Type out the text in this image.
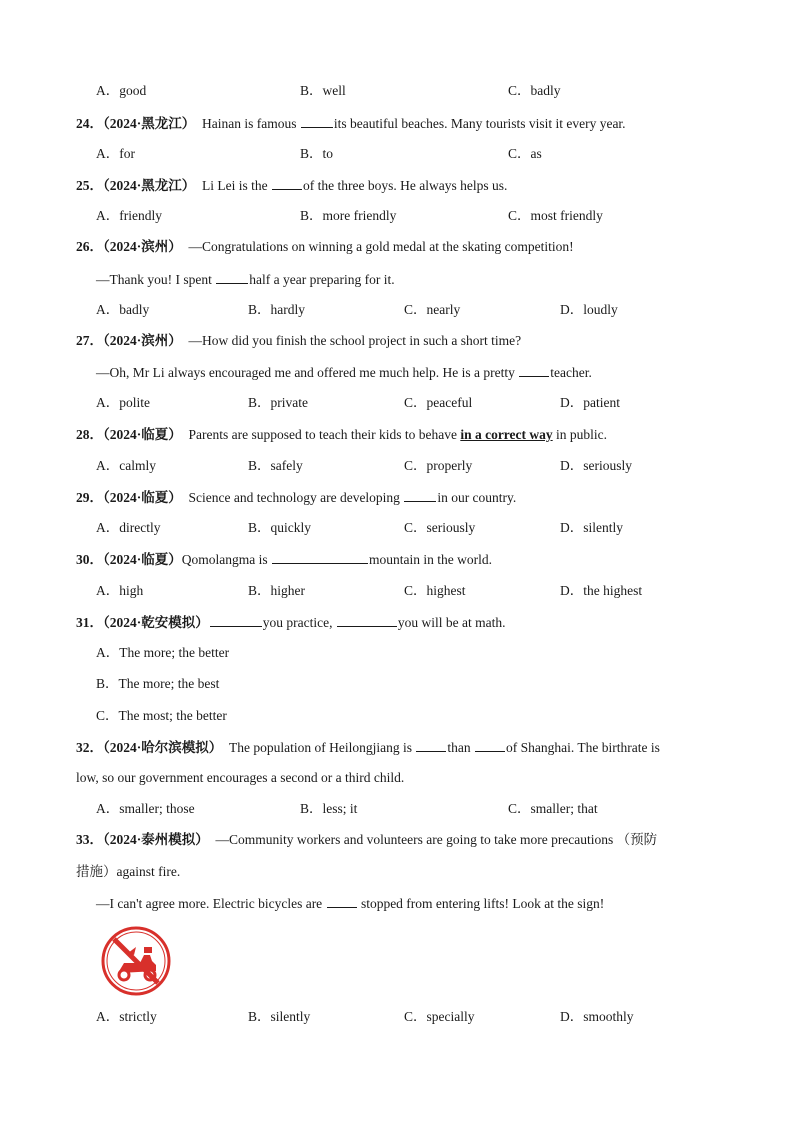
A．good	B．well	C．badly
24．（2024·黑龙江）  Hainan is famous	its beautiful beaches. Many tourists visit it every year.
A．for	B．to	C．as
25．（2024·黑龙江）  Li Lei is the of the three boys. He always helps us.
A．friendly	B．more friendly	C．most friendly
26．（2024·滨州）  —Congratulations on winning a gold medal at the skating competition!
—Thank you! I spent	half a year preparing for it.
A．badly	B．hardly	C．nearly	D．loudly
27．（2024·滨州）  —How did you finish the school project in such a short time?
—Oh, Mr Li always encouraged me and offered me much help. He is a pretty teacher.
A．polite	B．private	C．peaceful	D．patient
28．（2024·临夏）  Parents are supposed to teach their kids to behave in a correct way in public.
A．calmly	B．safely	C．properly	D．seriously
29．（2024·临夏）  Science and technology are developing	in our country.
A．directly	B．quickly	C．seriously	D．silently
30．（2024·临夏）Qomolangma is	mountain in the world.
A．high	B．higher	C．highest	D．the highest
31．（2024·乾安模拟）	you practice,	you will be at math.
A．The more; the better
B．The more; the best
C．The most; the better
32．（2024·哈尔滨模拟）  The population of Heilongjiang is than of Shanghai. The birthrate is
low, so our government encourages a second or a third child.
A．smaller; those	B．less; it	C．smaller; that
33．（2024·泰州模拟）  —Community workers and volunteers are going to take more precautions （预防
措施）against fire.
—I can't agree more. Electric bicycles are  stopped from entering lifts! Look at the sign!
A．strictly	B．silently	C．specially	D．smoothly
